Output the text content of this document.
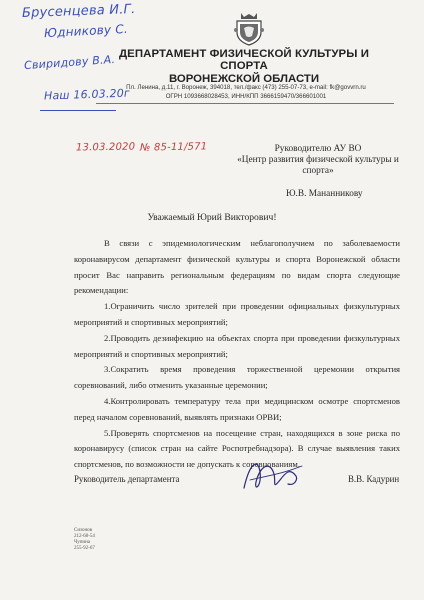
Брусенцева И.Г.
Юдникову С.
Свиридову В.А.
Наш 16.03.20г
13.03.2020 № 85-11/571
ДЕПАРТАМЕНТ ФИЗИЧЕСКОЙ КУЛЬТУРЫ И СПОРТА
ВОРОНЕЖСКОЙ ОБЛАСТИ
Пл. Ленина, д.11, г. Воронеж, 394018, тел./факс (473) 255-07-73, e-mail: fk@govvrn.ru
ОГРН 1093668028453, ИНН/КПП 3666159470/366601001
Руководителю АУ ВО
«Центр развития физической культуры и
спорта»
Ю.В. Мананникову
Уважаемый Юрий Викторович!

В связи с эпидемиологическим неблагополучием по заболеваемости коронавирусом департамент физической культуры и спорта Воронежской области просит Вас направить региональным федерациям по видам спорта следующие рекомендации:

1.Ограничить число зрителей при проведении официальных физкультурных мероприятий и спортивных мероприятий;

2.Проводить дезинфекцию на объектах спорта при проведении физкультурных мероприятий и спортивных мероприятий;

3.Сократить время проведения торжественной церемонии открытия соревнований, либо отменить указанные церемонии;

4.Контролировать температуру тела при медицинском осмотре спортсменов перед началом соревнований, выявлять признаки ОРВИ;

5.Проверять спортсменов на посещение стран, находящихся в зоне риска по коронавирусу (список стран на сайте Роспотребнадзора). В случае выявления таких спортсменов, по возможности не допускать к соревнованиям.

Руководитель департамента	В.В. Кадурин
Сизонов
212-68-54
Чупина
255-92-67
